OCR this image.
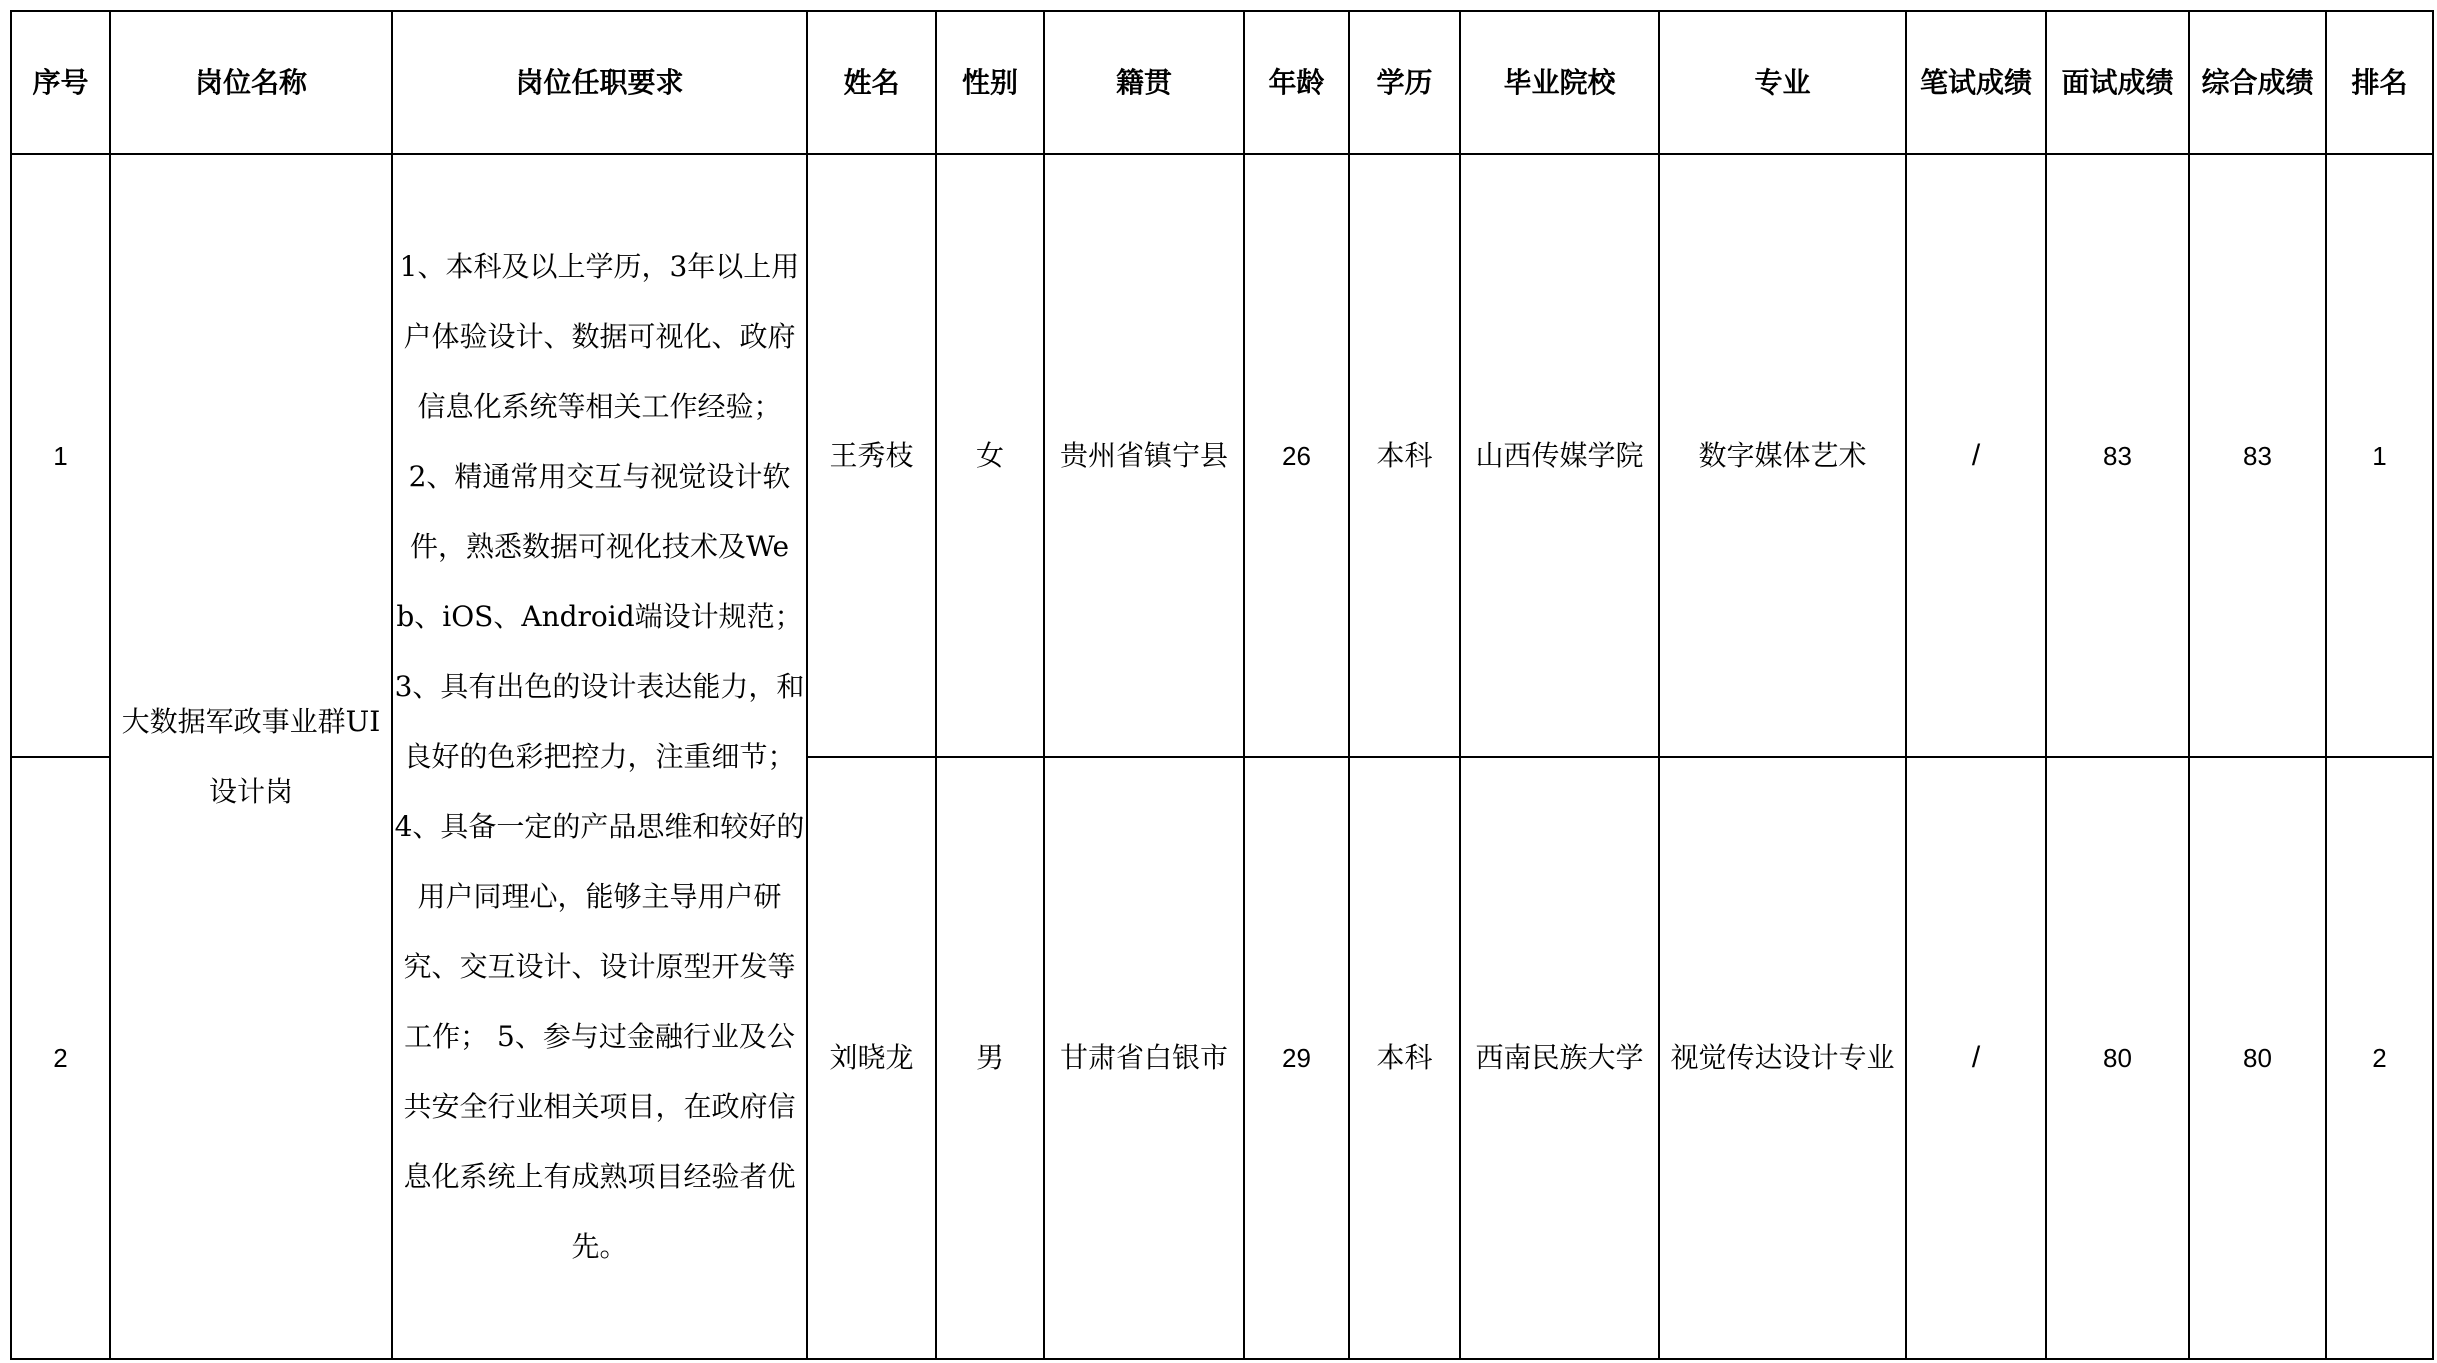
序号	岗位名称	岗位任职要求	姓名	性别	籍贯	年龄	学历	毕业院校	专业	笔试成绩	面试成绩	综合成绩	排名
1	大数据军政事业群UI设计岗	1、本科及以上学历，3年以上用户体验设计、数据可视化、政府信息化系统等相关工作经验； 2、精通常用交互与视觉设计软件，熟悉数据可视化技术及Web、iOS、Android端设计规范； 3、具有出色的设计表达能力，和良好的色彩把控力，注重细节； 4、具备一定的产品思维和较好的用户同理心，能够主导用户研究、交互设计、设计原型开发等工作； 5、参与过金融行业及公共安全行业相关项目，在政府信息化系统上有成熟项目经验者优先。	王秀枝	女	贵州省镇宁县	26	本科	山西传媒学院	数字媒体艺术	/	83	83	1
2			刘晓龙	男	甘肃省白银市	29	本科	西南民族大学	视觉传达设计专业	/	80	80	2
